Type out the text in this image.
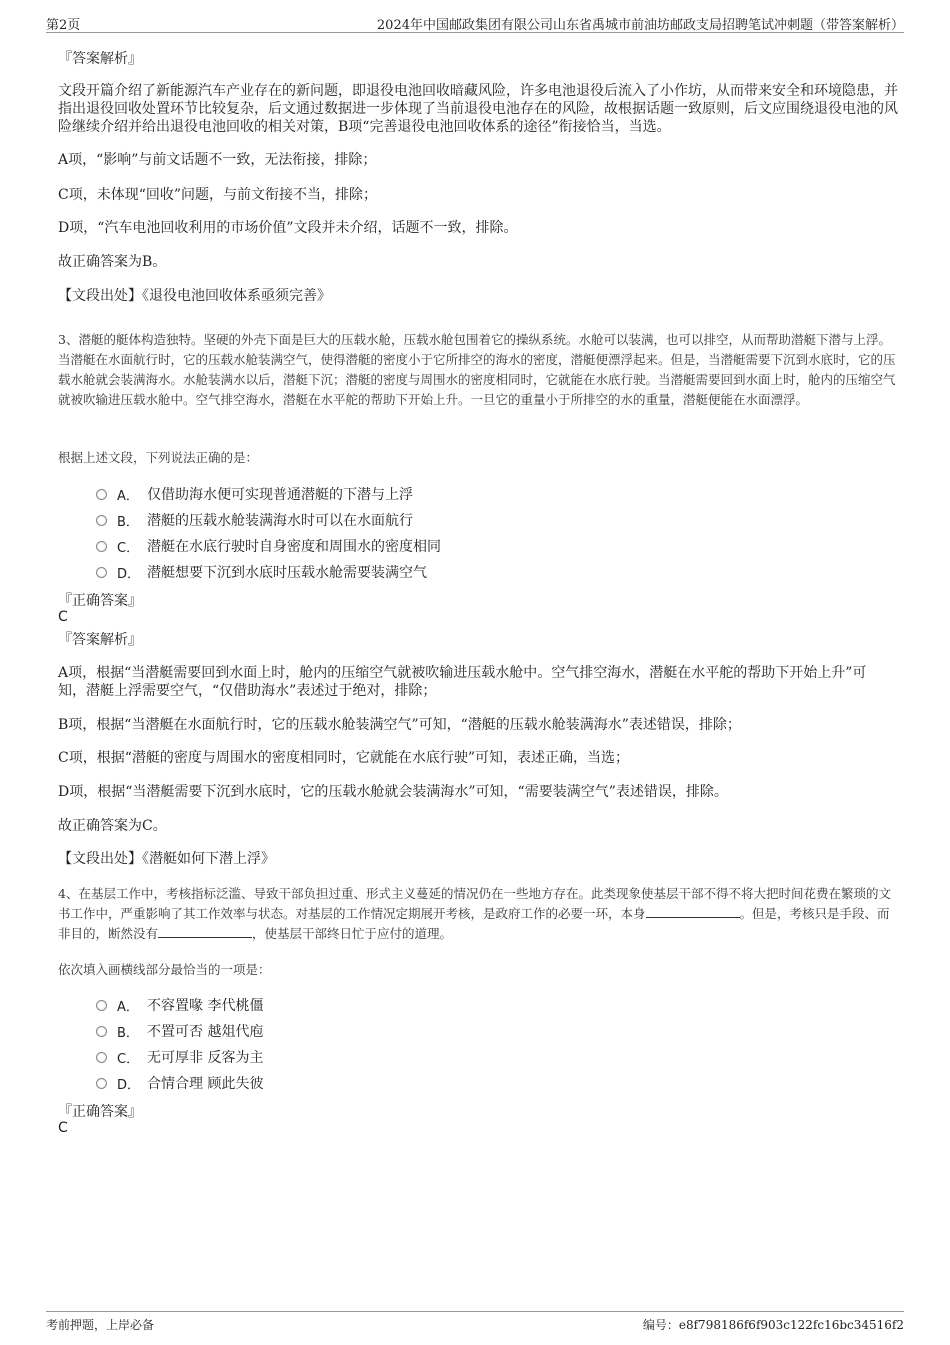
第2页	2024年中国邮政集团有限公司山东省禹城市前油坊邮政支局招聘笔试冲刺题（带答案解析）
『答案解析』
文段开篇介绍了新能源汽车产业存在的新问题，即退役电池回收暗藏风险，许多电池退役后流入了小作坊，从而带来安全和环境隐患，并指出退役回收处置环节比较复杂，后文通过数据进一步体现了当前退役电池存在的风险，故根据话题一致原则，后文应围绕退役电池的风险继续介绍并给出退役电池回收的相关对策，B项“完善退役电池回收体系的途径”衔接恰当，当选。
A项，“影响”与前文话题不一致，无法衔接，排除；
C项，未体现“回收”问题，与前文衔接不当，排除；
D项，“汽车电池回收利用的市场价值”文段并未介绍，话题不一致，排除。
故正确答案为B。
【文段出处】《退役电池回收体系亟须完善》
3、潜艇的艇体构造独特。坚硬的外壳下面是巨大的压载水舱，压载水舱包围着它的操纵系统。水舱可以装满，也可以排空，从而帮助潜艇下潜与上浮。当潜艇在水面航行时，它的压载水舱装满空气，使得潜艇的密度小于它所排空的海水的密度，潜艇便漂浮起来。但是，当潜艇需要下沉到水底时，它的压载水舱就会装满海水。水舱装满水以后，潜艇下沉；潜艇的密度与周围水的密度相同时，它就能在水底行驶。当潜艇需要回到水面上时，舱内的压缩空气就被吹输进压载水舱中。空气排空海水，潜艇在水平舵的帮助下开始上升。一旦它的重量小于所排空的水的重量，潜艇便能在水面漂浮。
根据上述文段，下列说法正确的是：
A． 仅借助海水便可实现普通潜艇的下潜与上浮
B． 潜艇的压载水舱装满海水时可以在水面航行
C． 潜艇在水底行驶时自身密度和周围水的密度相同
D． 潜艇想要下沉到水底时压载水舱需要装满空气
『正确答案』
C
『答案解析』
A项，根据“当潜艇需要回到水面上时，舱内的压缩空气就被吹输进压载水舱中。空气排空海水，潜艇在水平舵的帮助下开始上升”可知，潜艇上浮需要空气，“仅借助海水”表述过于绝对，排除；
B项，根据“当潜艇在水面航行时，它的压载水舱装满空气”可知，“潜艇的压载水舱装满海水”表述错误，排除；
C项，根据“潜艇的密度与周围水的密度相同时，它就能在水底行驶”可知，表述正确，当选；
D项，根据“当潜艇需要下沉到水底时，它的压载水舱就会装满海水”可知，“需要装满空气”表述错误，排除。
故正确答案为C。
【文段出处】《潜艇如何下潜上浮》
4、在基层工作中，考核指标泛滥、导致干部负担过重、形式主义蔓延的情况仍在一些地方存在。此类现象使基层干部不得不将大把时间花费在繁琐的文书工作中，严重影响了其工作效率与状态。对基层的工作情况定期展开考核，是政府工作的必要一环，本身	。但是，考核只是手段、而非目的，断然没有	，使基层干部终日忙于应付的道理。
依次填入画横线部分最恰当的一项是：
A． 不容置喙 李代桃僵
B． 不置可否 越俎代庖
C． 无可厚非 反客为主
D． 合情合理 顾此失彼
『正确答案』
C
考前押题，上岸必备	编号：e8f798186f6f903c122fc16bc34516f2
